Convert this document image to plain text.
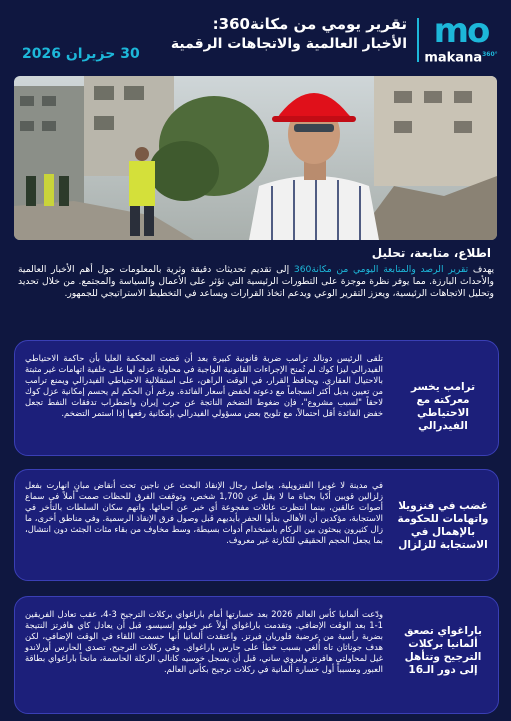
mo
makana$^{360^\circ}$
تقرير يومي من مكانة360:
الأخبار العالمية والاتجاهات الرقمية
30 حزيران 2026
اطلاع، متابعة، تحليل
يهدف تقرير الرصد والمتابعة اليومي من مكانة360 إلى تقديم تحديثات دقيقة وثرية بالمعلومات حول أهم الأخبار العالمية والأحداث البارزة. مما يوفر نظرة موجزة على التطورات الرئيسية التي تؤثر على الأعمال والسياسة والمجتمع. من خلال تحديد وتحليل الاتجاهات الرئيسية، ويعزز التقرير الوعي ويدعم اتخاذ القرارات ويساعد في التخطيط الاستراتيجي للجمهور.
تلقى الرئيس دونالد ترامب ضربة قانونية كبيرة بعد أن قضت المحكمة العليا بأن حاكمة الاحتياطي الفيدرالي ليزا كوك لم تُمنح الإجراءات القانونية الواجبة في محاولة عزله لها على خلفية اتهامات غير مثبتة بالاحتيال العقاري. ويحافظ القرار، في الوقت الراهن، على استقلالية الاحتياطي الفيدرالي ويمنع ترامب من تعيين بديل أكثر انسجاماً مع دعوته لخفض أسعار الفائدة. ورغم أن الحكم لم يحسم إمكانية عزل كوك لاحقاً "لسبب مشروع"، فإن ضغوط التضخم الناتجة عن حرب إيران واضطراب تدفقات النفط تجعل خفض الفائدة أقل احتمالاً، مع تلويح بعض مسؤولي الفيدرالي بإمكانية رفعها إذا استمر التضخم.
ترامب يخسر معركته مع الاحتياطي الفيدرالي
في مدينة لا غويرا الفنزويلية، يواصل رجال الإنقاذ البحث عن ناجين تحت أنقاض مبانٍ انهارت بفعل زلزالين قويين أدّيا بحياة ما لا يقل عن 1,700 شخص، وتوقفت الفرق للحظات صمت أملاً في سماع أصوات عالقين، بينما انتظرت عائلات مفجوعة أي خبر عن أحبائها. واتهم سكان السلطات بالتأخر في الاستجابة، مؤكدين أن الأهالي بدأوا الحفر بأيديهم قبل وصول فرق الإنقاذ الرسمية. وفي مناطق أخرى، ما زال كثيرون يبحثون بين الركام باستخدام أدوات بسيطة، وسط مخاوف من بقاء مئات الجثث دون انتشال، بما يجعل الحجم الحقيقي للكارثة غير معروف.
غضب في فنزويلا واتهامات للحكومة بالإهمال في الاستجابة للزلزال
ودّعت ألمانيا كأس العالم 2026 بعد خسارتها أمام باراغواي بركلات الترجيح 3-4، عقب تعادل الفريقين 1-1 بعد الوقت الإضافي. وتقدمت باراغواي أولاً عبر خوليو إنسيسو، قبل أن يعادل كاي هافرتز النتيجة بضربة رأسية من عرضية فلوريان فيرتز. واعتقدت ألمانيا أنها حسمت اللقاء في الوقت الإضافي، لكن هدف جوناثان تاه أُلغي بسبب خطأ على حارس باراغواي. وفي ركلات الترجيح، تصدى الحارس أورلاندو غيل لمحاولتي هافرتز وليروي ساني، قبل أن يسجل خوسيه كانالي الركلة الحاسمة، مانحاً باراغواي بطاقة العبور ومسبباً أول خسارة ألمانية في ركلات ترجيح بكأس العالم.
باراغواي تصعق ألمانيا بركلات الترجيح وتتأهل إلى دور الـ16
